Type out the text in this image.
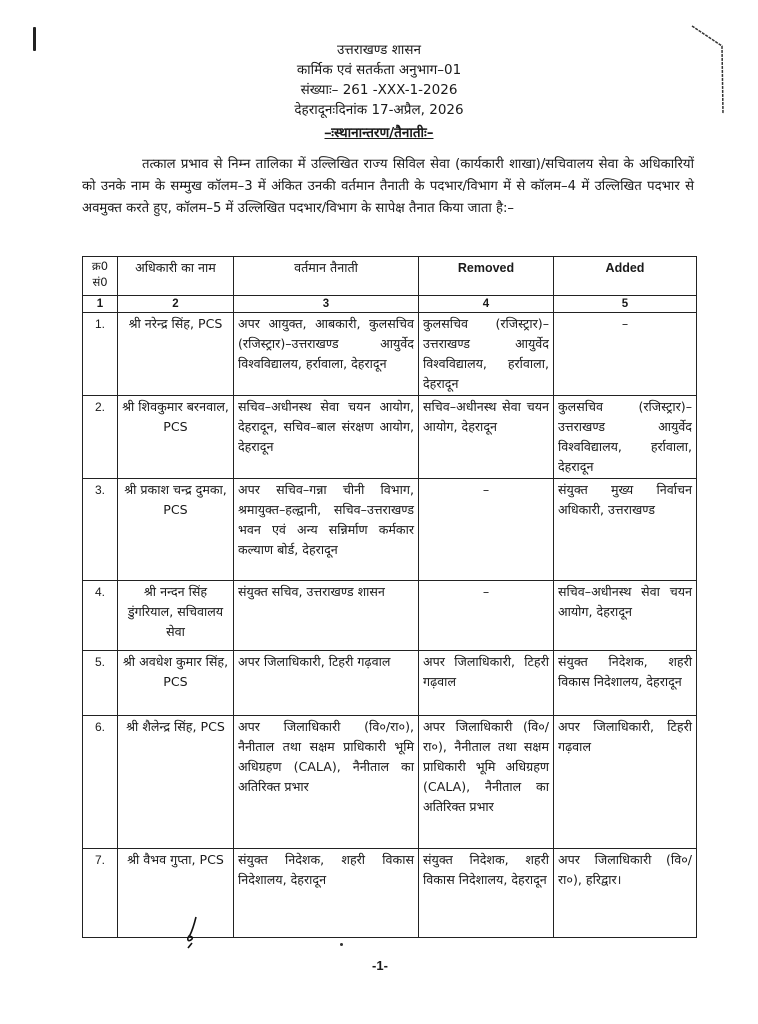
उत्तराखण्ड शासन
कार्मिक एवं सतर्कता अनुभाग–01
संख्याः– 261 -XXX-1-2026
देहरादूनःदिनांक 17-अप्रैल, 2026
–ःस्थानान्तरण/तैनातीः–
तत्काल प्रभाव से निम्न तालिका में उल्लिखित राज्य सिविल सेवा (कार्यकारी शाखा)/सचिवालय सेवा के अधिकारियों को उनके नाम के सम्मुख कॉलम–3 में अंकित उनकी वर्तमान तैनाती के पदभार/विभाग में से कॉलम–4 में उल्लिखित पदभार से अवमुक्त करते हुए, कॉलम–5 में उल्लिखित पदभार/विभाग के सापेक्ष तैनात किया जाता है:–
क्र0 सं0	अधिकारी का नाम	वर्तमान तैनाती	Removed	Added
1	2	3	4	5
1.	श्री नरेन्द्र सिंह, PCS	अपर आयुक्त, आबकारी, कुलसचिव (रजिस्ट्रार)–उत्तराखण्ड आयुर्वेद विश्वविद्यालय, हर्रावाला, देहरादून	कुलसचिव (रजिस्ट्रार)–उत्तराखण्ड आयुर्वेद विश्वविद्यालय, हर्रावाला, देहरादून	–
2.	श्री शिवकुमार बरनवाल, PCS	सचिव–अधीनस्थ सेवा चयन आयोग, देहरादून, सचिव–बाल संरक्षण आयोग, देहरादून	सचिव–अधीनस्थ सेवा चयन आयोग, देहरादून	कुलसचिव (रजिस्ट्रार)–उत्तराखण्ड आयुर्वेद विश्वविद्यालय, हर्रावाला, देहरादून
3.	श्री प्रकाश चन्द्र दुमका, PCS	अपर सचिव–गन्ना चीनी विभाग, श्रमायुक्त–हल्द्वानी, सचिव–उत्तराखण्ड भवन एवं अन्य सन्निर्माण कर्मकार कल्याण बोर्ड, देहरादून	–	संयुक्त मुख्य निर्वाचन अधिकारी, उत्तराखण्ड
4.	श्री नन्दन सिंह डुंगरियाल, सचिवालय सेवा	संयुक्त सचिव, उत्तराखण्ड शासन	–	सचिव–अधीनस्थ सेवा चयन आयोग, देहरादून
5.	श्री अवधेश कुमार सिंह, PCS	अपर जिलाधिकारी, टिहरी गढ़वाल	अपर जिलाधिकारी, टिहरी गढ़वाल	संयुक्त निदेशक, शहरी विकास निदेशालय, देहरादून
6.	श्री शैलेन्द्र सिंह, PCS	अपर जिलाधिकारी (वि०/रा०), नैनीताल तथा सक्षम प्राधिकारी भूमि अधिग्रहण (CALA), नैनीताल का अतिरिक्त प्रभार	अपर जिलाधिकारी (वि०/रा०), नैनीताल तथा सक्षम प्राधिकारी भूमि अधिग्रहण (CALA), नैनीताल का अतिरिक्त प्रभार	अपर जिलाधिकारी, टिहरी गढ़वाल
7.	श्री वैभव गुप्ता, PCS	संयुक्त निदेशक, शहरी विकास निदेशालय, देहरादून	संयुक्त निदेशक, शहरी विकास निदेशालय, देहरादून	अपर जिलाधिकारी (वि०/रा०), हरिद्वार।
-1-
